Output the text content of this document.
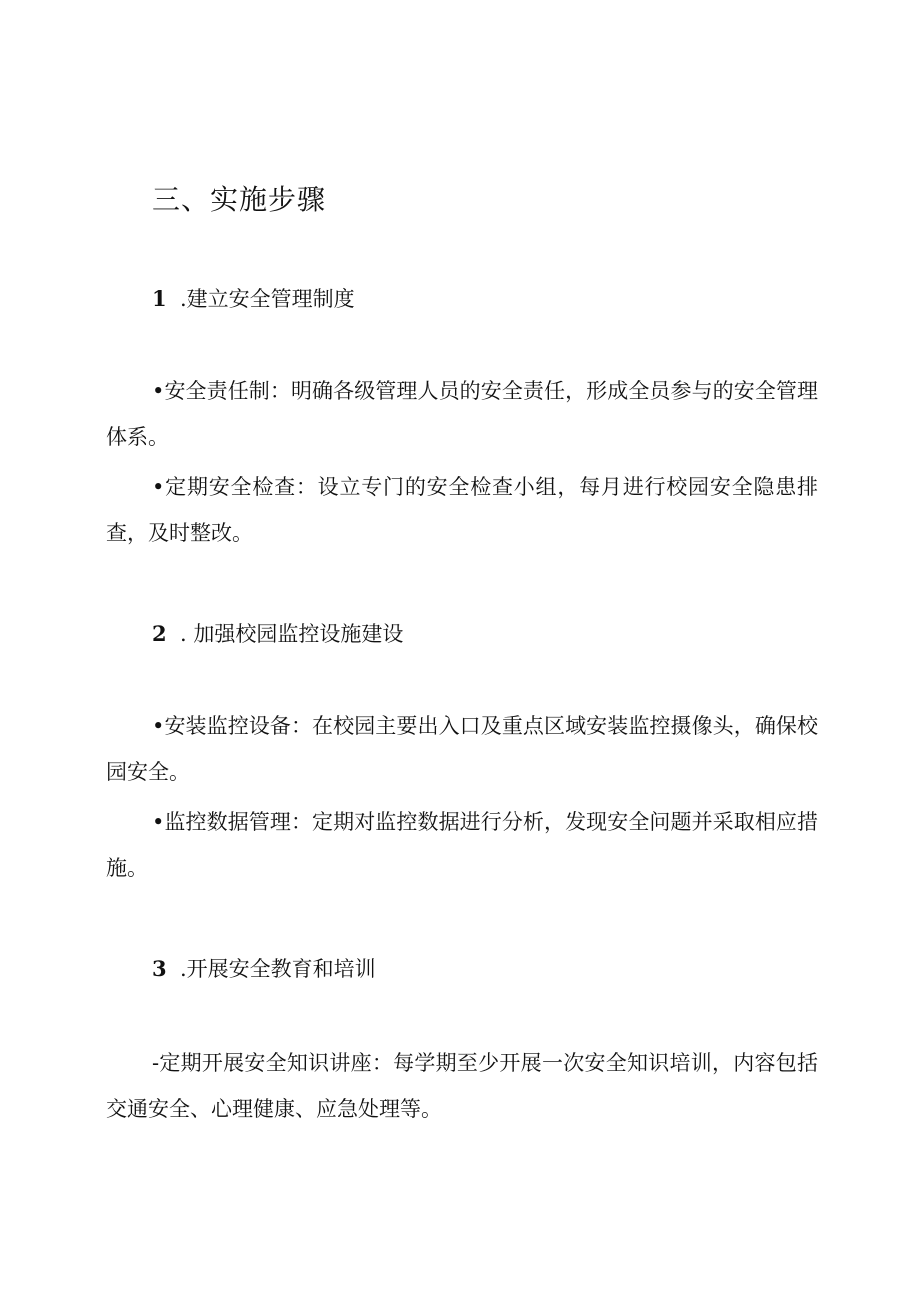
三、实施步骤

1 .建立安全管理制度

•安全责任制：明确各级管理人员的安全责任，形成全员参与的安全管理体系。

•定期安全检查：设立专门的安全检查小组，每月进行校园安全隐患排查，及时整改。

2 . 加强校园监控设施建设

•安装监控设备：在校园主要出入口及重点区域安装监控摄像头，确保校园安全。

•监控数据管理：定期对监控数据进行分析，发现安全问题并采取相应措施。

3 .开展安全教育和培训

-定期开展安全知识讲座：每学期至少开展一次安全知识培训，内容包括交通安全、心理健康、应急处理等。
